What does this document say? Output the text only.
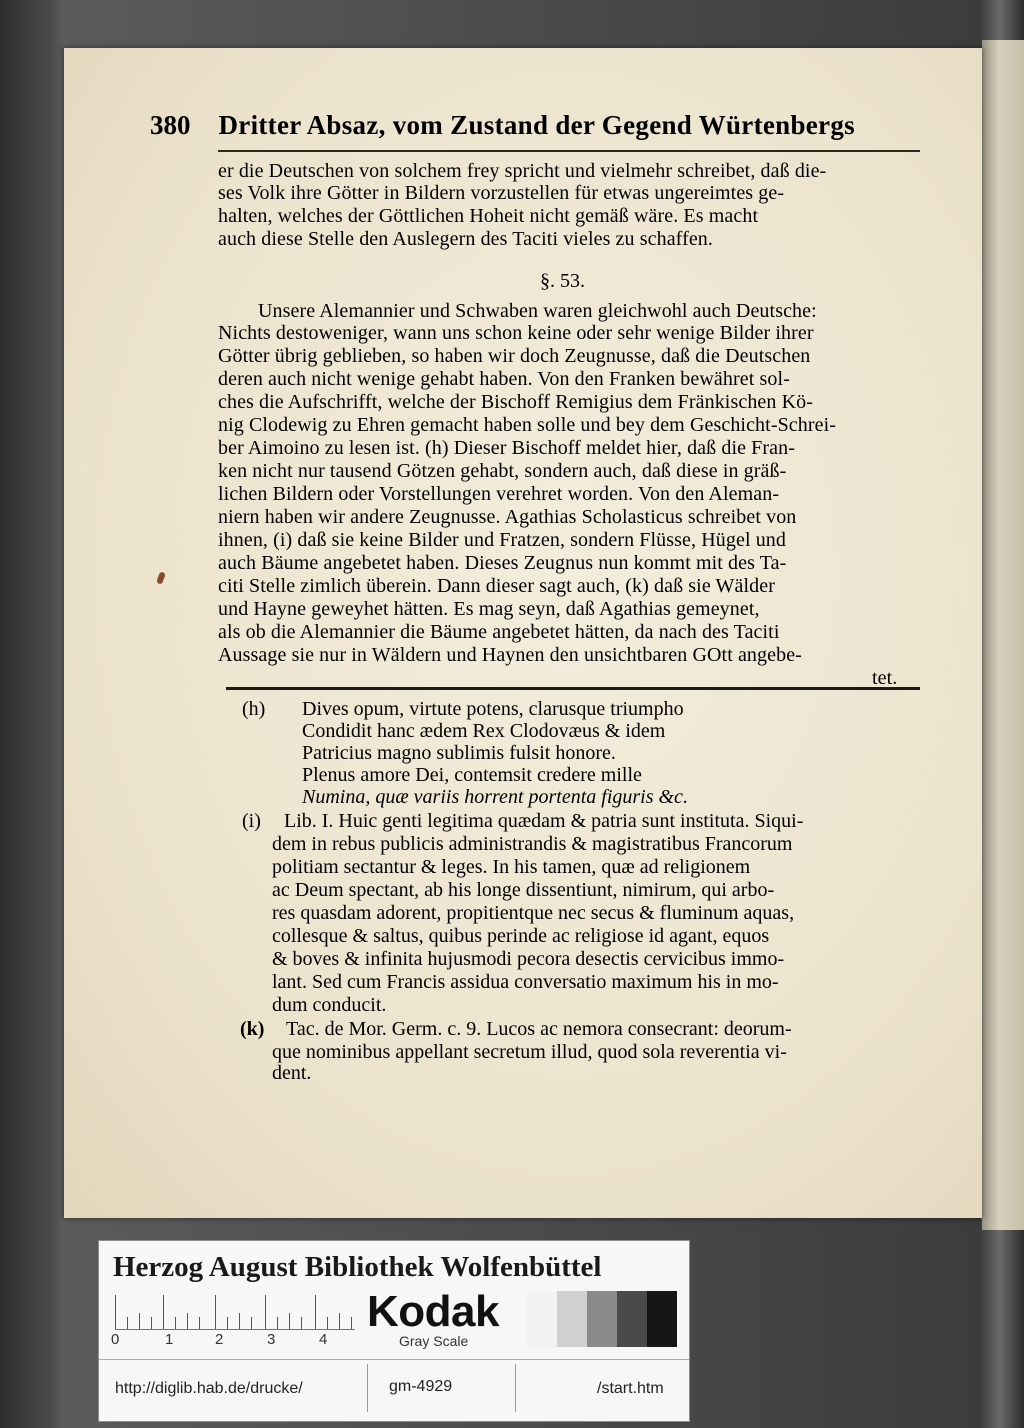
380 Dritter Absaz, vom Zustand der Gegend Würtenbergs
er die Deutschen von solchem frey spricht und vielmehr schreibet, daß die-
ses Volk ihre Götter in Bildern vorzustellen für etwas ungereimtes ge-
halten, welches der Göttlichen Hoheit nicht gemäß wäre. Es macht
auch diese Stelle den Auslegern des Taciti vieles zu schaffen.
§. 53.
Unsere Alemannier und Schwaben waren gleichwohl auch Deutsche:
Nichts destoweniger, wann uns schon keine oder sehr wenige Bilder ihrer
Götter übrig geblieben, so haben wir doch Zeugnusse, daß die Deutschen
deren auch nicht wenige gehabt haben. Von den Franken bewähret sol-
ches die Aufschrifft, welche der Bischoff Remigius dem Fränkischen Kö-
nig Clodewig zu Ehren gemacht haben solle und bey dem Geschicht-Schrei-
ber Aimoino zu lesen ist. (h) Dieser Bischoff meldet hier, daß die Fran-
ken nicht nur tausend Götzen gehabt, sondern auch, daß diese in gräß-
lichen Bildern oder Vorstellungen verehret worden. Von den Aleman-
niern haben wir andere Zeugnusse. Agathias Scholasticus schreibet von
ihnen, (i) daß sie keine Bilder und Fratzen, sondern Flüsse, Hügel und
auch Bäume angebetet haben. Dieses Zeugnus nun kommt mit des Ta-
citi Stelle zimlich überein. Dann dieser sagt auch, (k) daß sie Wälder
und Hayne geweyhet hätten. Es mag seyn, daß Agathias gemeynet,
als ob die Alemannier die Bäume angebetet hätten, da nach des Taciti
Aussage sie nur in Wäldern und Haynen den unsichtbaren GOtt angebe-
tet.
(h) Dives opum, virtute potens, clarusque triumpho
Condidit hanc ædem Rex Clodovæus & idem
Patricius magno sublimis fulsit honore.
Plenus amore Dei, contemsit credere mille
Numina, quæ variis horrent portenta figuris &c.
(i) Lib. I. Huic genti legitima quædam & patria sunt instituta. Siqui-
dem in rebus publicis administrandis & magistratibus Francorum
politiam sectantur & leges. In his tamen, quæ ad religionem
ac Deum spectant, ab his longe dissentiunt, nimirum, qui arbo-
res quasdam adorent, propitientque nec secus & fluminum aquas,
collesque & saltus, quibus perinde ac religiose id agant, equos
& boves & infinita hujusmodi pecora desectis cervicibus immo-
lant. Sed cum Francis assidua conversatio maximum his in mo-
dum conducit.
(k) Tac. de Mor. Germ. c. 9. Lucos ac nemora consecrant: deorum-
que nominibus appellant secretum illud, quod sola reverentia vi-
dent.
Herzog August Bibliothek Wolfenbüttel
0	1	2	3	4
Kodak
Gray Scale
http://diglib.hab.de/drucke/	gm-4929	/start.htm
